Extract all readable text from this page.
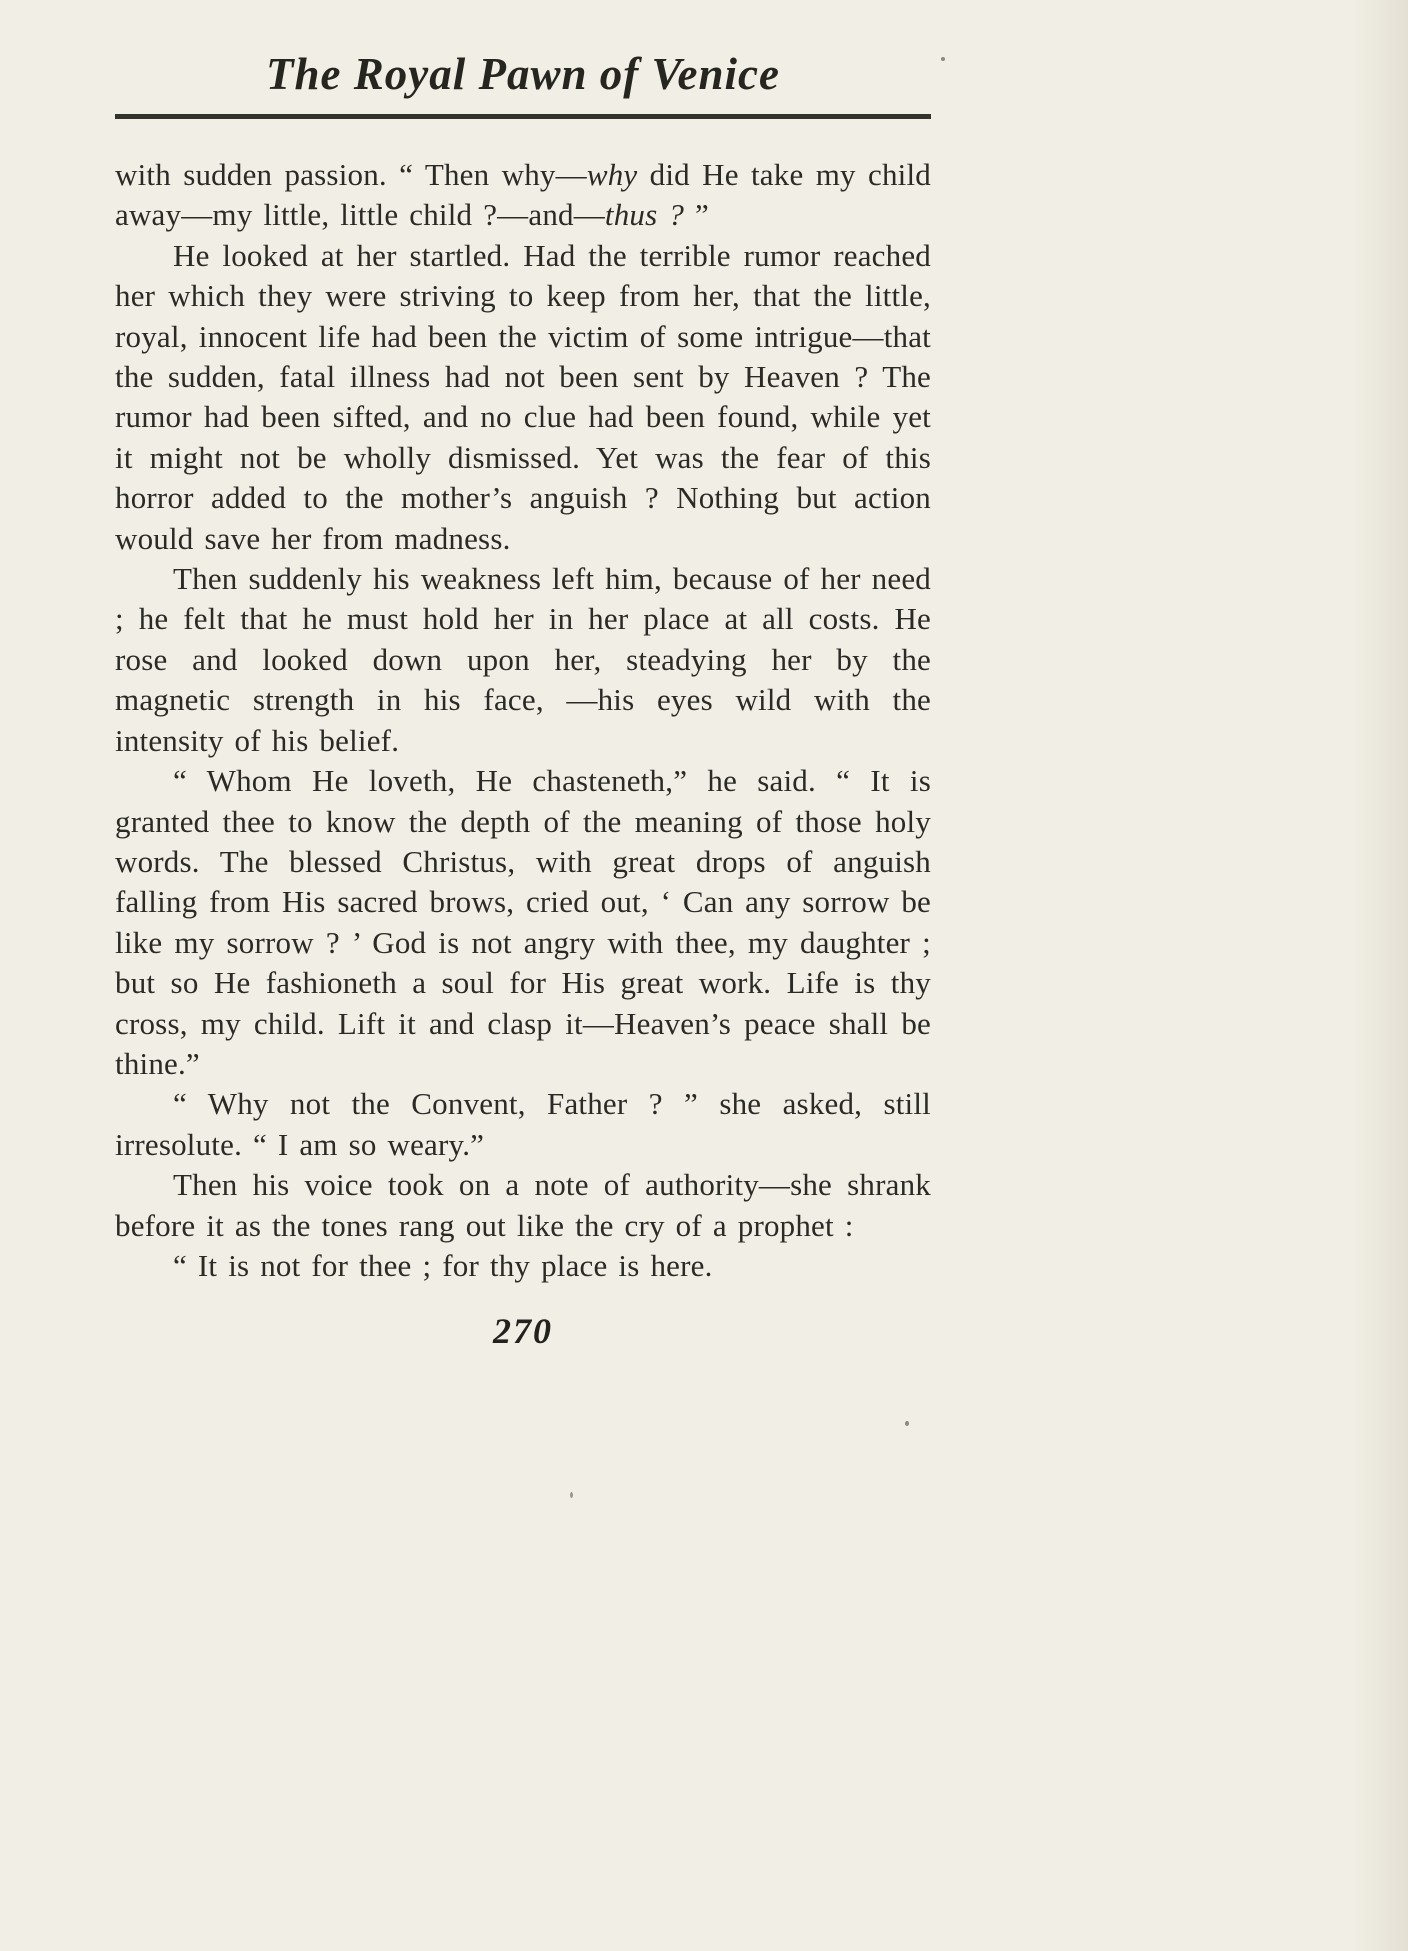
The Royal Pawn of Venice

with sudden passion. “ Then why—why did He take my child away—my little, little child ?—and—thus ? ”

He looked at her startled. Had the terrible rumor reached her which they were striving to keep from her, that the little, royal, innocent life had been the victim of some intrigue—that the sudden, fatal illness had not been sent by Heaven ? The rumor had been sifted, and no clue had been found, while yet it might not be wholly dismissed. Yet was the fear of this horror added to the mother’s anguish ? Nothing but action would save her from madness.

Then suddenly his weakness left him, because of her need ; he felt that he must hold her in her place at all costs. He rose and looked down upon her, steadying her by the magnetic strength in his face, —his eyes wild with the intensity of his belief.

“ Whom He loveth, He chasteneth,” he said. “ It is granted thee to know the depth of the meaning of those holy words. The blessed Christus, with great drops of anguish falling from His sacred brows, cried out, ‘ Can any sorrow be like my sorrow ? ’ God is not angry with thee, my daughter ; but so He fashioneth a soul for His great work. Life is thy cross, my child. Lift it and clasp it—Heaven’s peace shall be thine.”

“ Why not the Convent, Father ? ” she asked, still irresolute. “ I am so weary.”

Then his voice took on a note of authority—she shrank before it as the tones rang out like the cry of a prophet :

“ It is not for thee ; for thy place is here.

270
